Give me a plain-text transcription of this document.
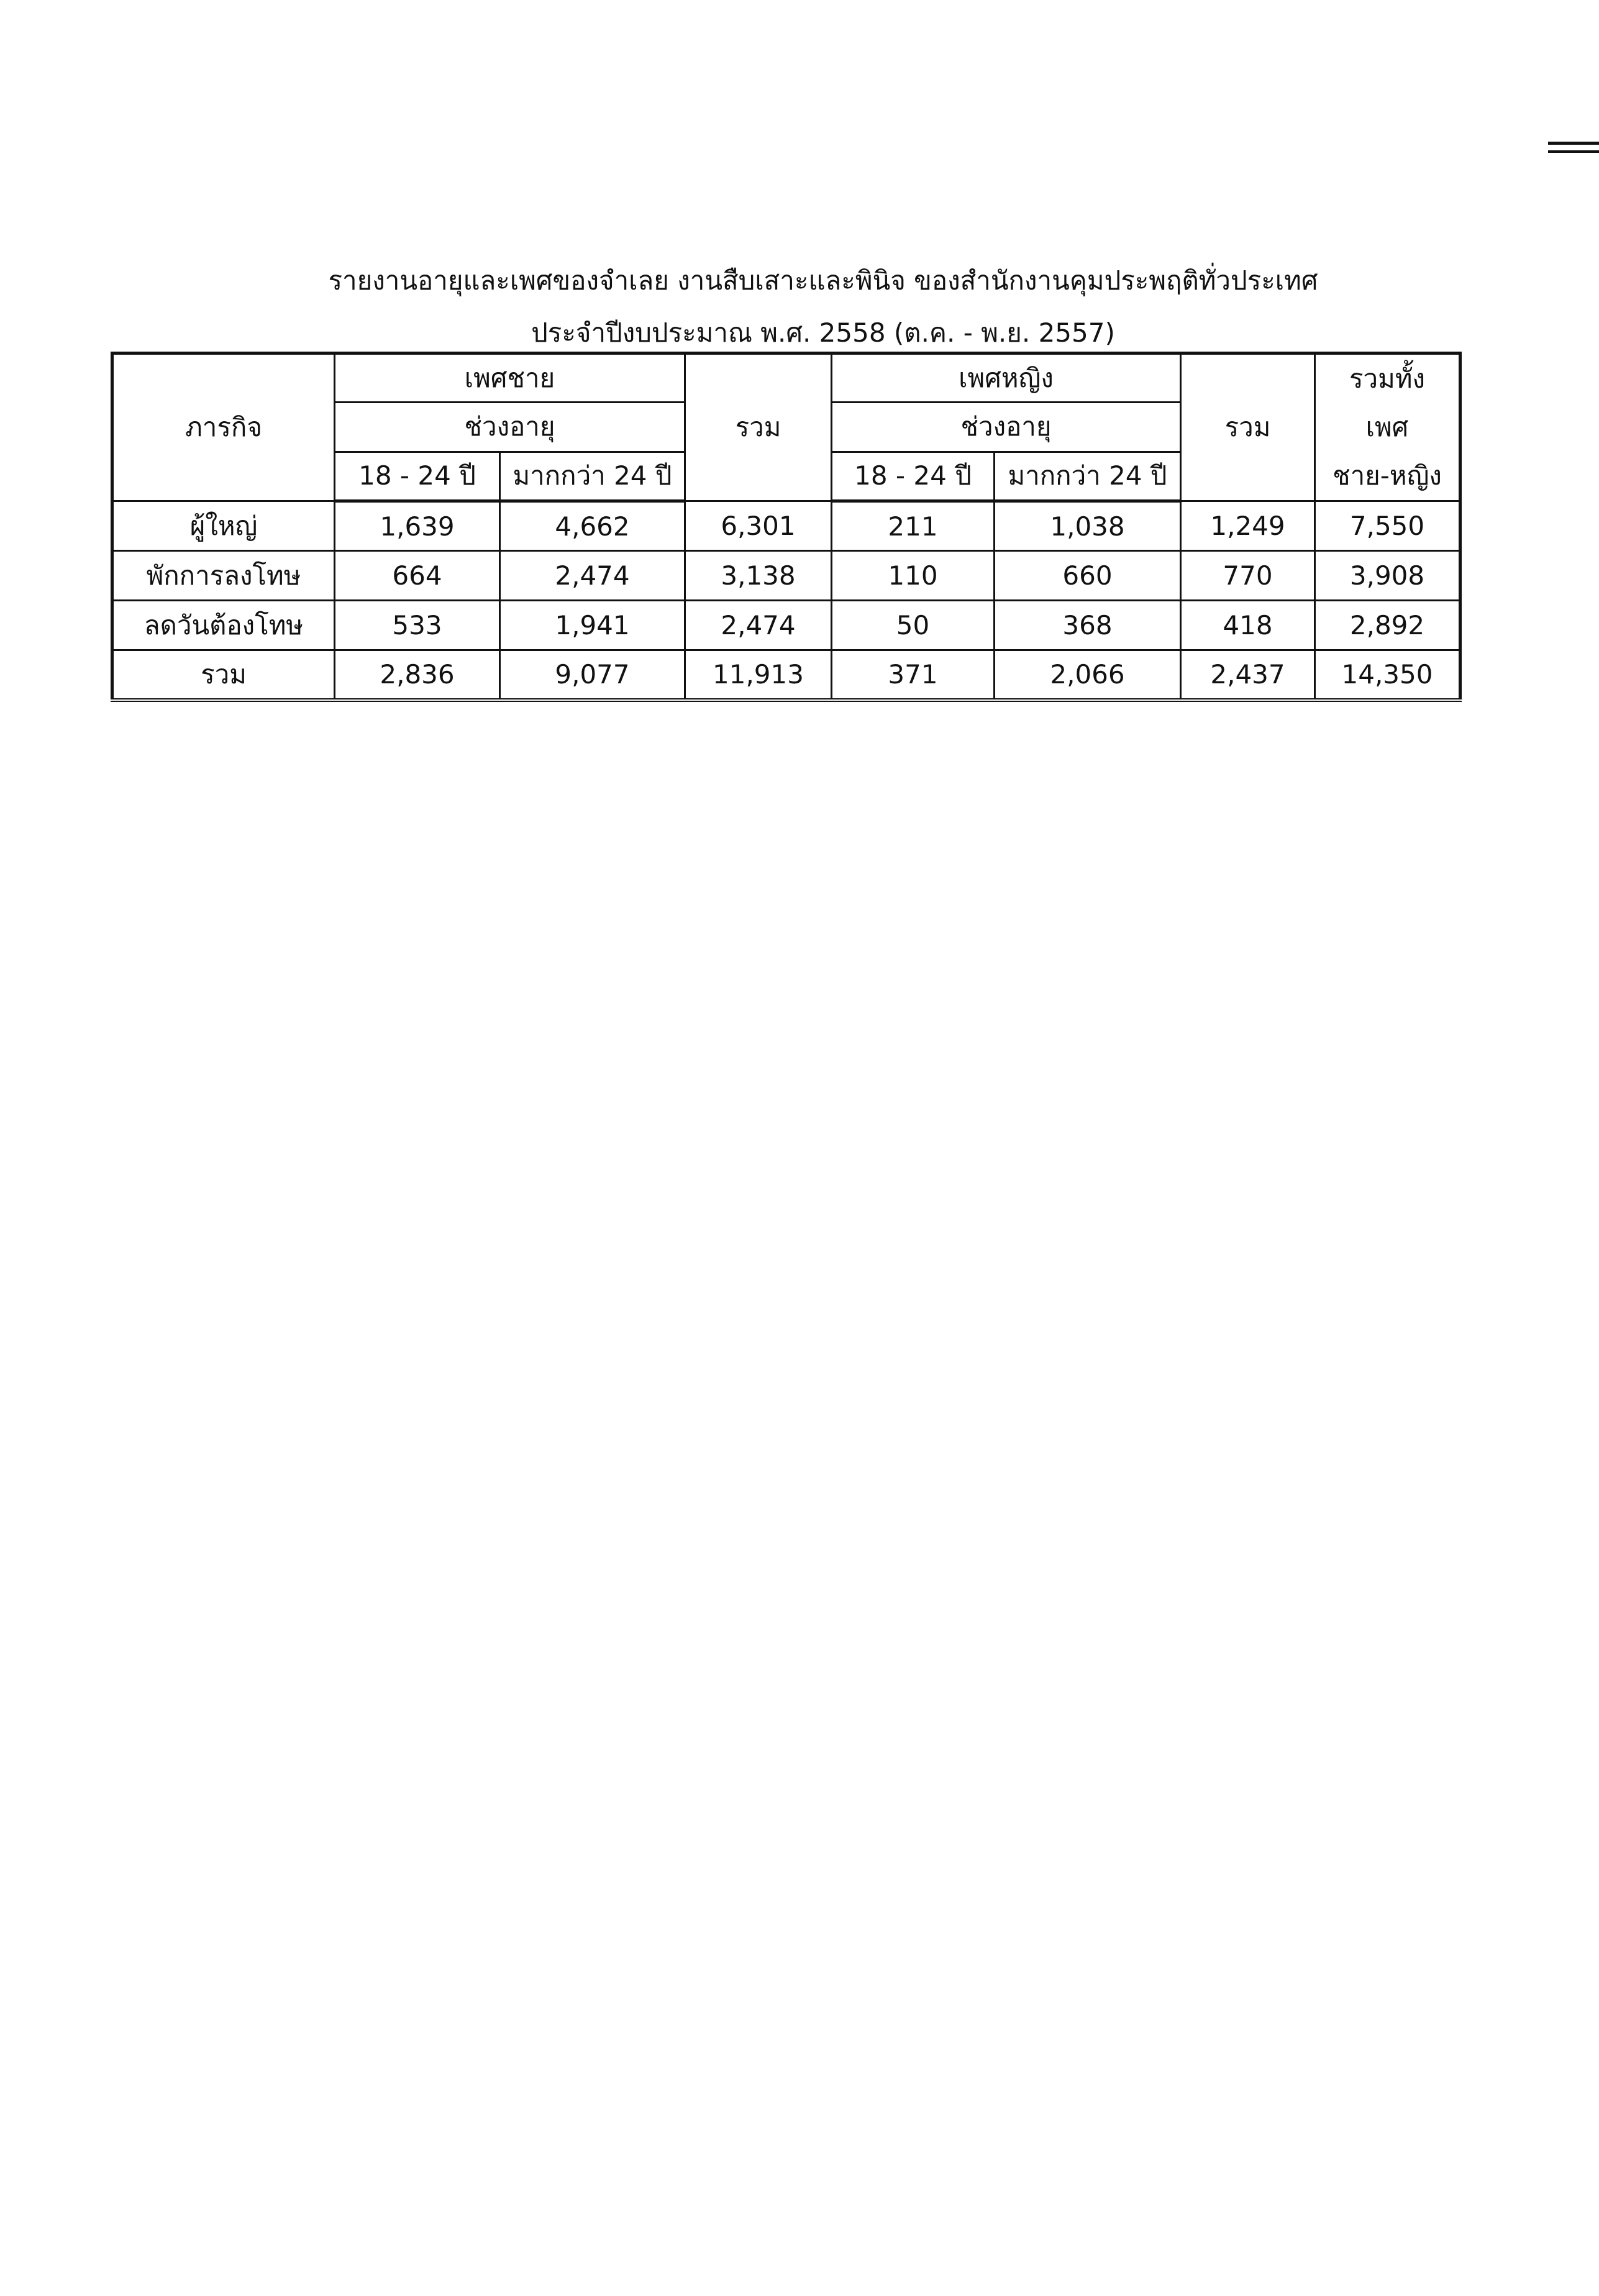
รายงานอายุและเพศของจำเลย งานสืบเสาะและพินิจ ของสำนักงานคุมประพฤติทั่วประเทศ
ประจำปีงบประมาณ พ.ศ. 2558 (ต.ค. - พ.ย. 2557)
ภารกิจ	เพศชาย		รวม	เพศหญิง		รวม	รวมทั้ง
เพศ
ชาย-หญิง

	ช่วงอายุ			ช่วงอายุ			
	18 - 24 ปี	มากกว่า 24 ปี		18 - 24 ปี	มากกว่า 24 ปี		
ผู้ใหญ่	1,639	4,662	6,301	211	1,038	1,249	7,550
พักการลงโทษ	664	2,474	3,138	110	660	770	3,908
ลดวันต้องโทษ	533	1,941	2,474	50	368	418	2,892
รวม	2,836	9,077	11,913	371	2,066	2,437	14,350
